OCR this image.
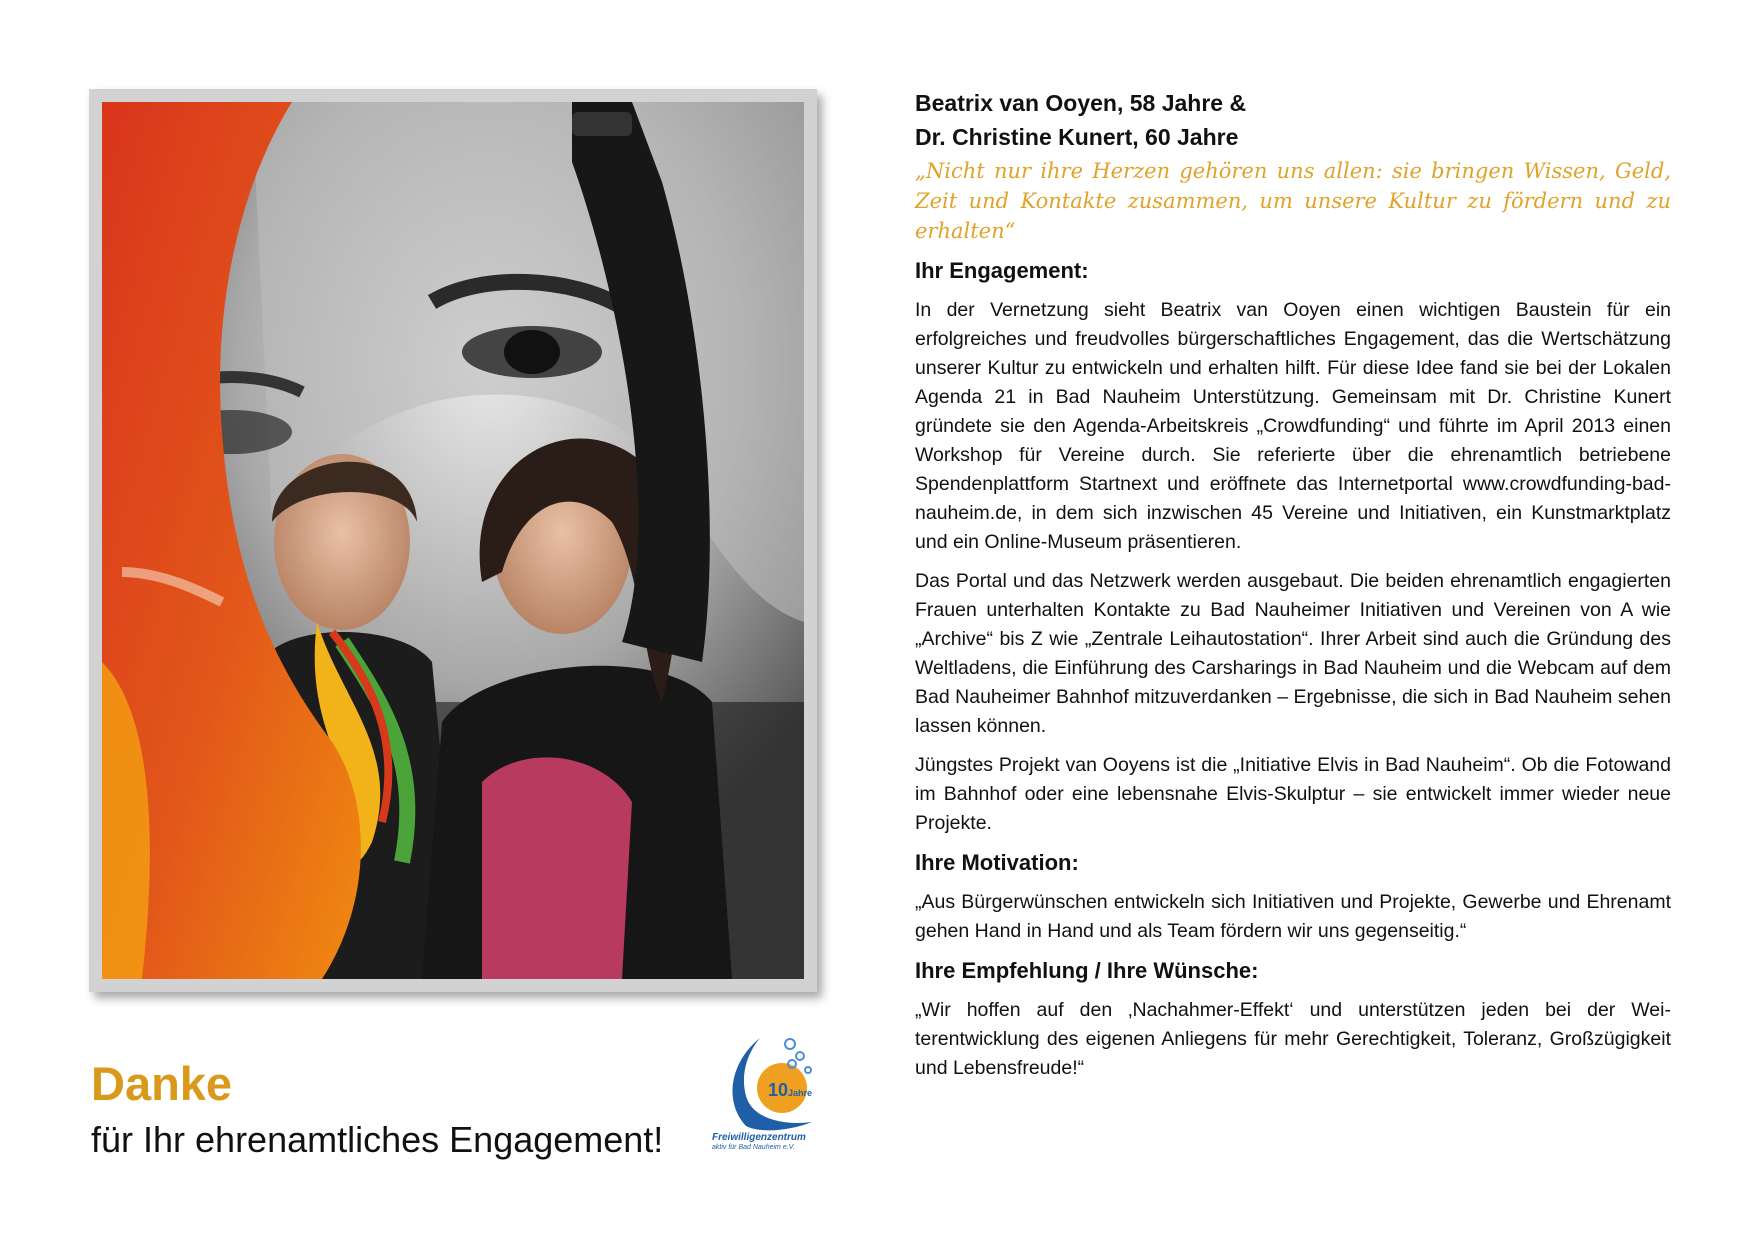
Danke
für Ihr ehrenamtliches Engagement!
10 Jahre
Freiwilligenzentrum
aktiv für Bad Nauheim e.V.

Beatrix van Ooyen, 58 Jahre &

Dr. Christine Kunert, 60 Jahre

„Nicht nur ihre Herzen gehören uns allen: sie bringen Wissen, Geld, Zeit und Kontakte zusammen, um unsere Kultur zu fördern und zu erhalten“

Ihr Engagement:

In der Vernetzung sieht Beatrix van Ooyen einen wichtigen Baustein für ein erfolgreiches und freudvolles bürgerschaftliches Engagement, das die Wertschätzung unserer Kultur zu entwickeln und erhalten hilft. Für diese Idee fand sie bei der Lokalen Agenda 21 in Bad Nauheim Unterstützung. Gemeinsam mit Dr. Christine Kunert gründete sie den Agenda-Arbeitskreis „Crowdfunding“ und führte im April 2013 einen Workshop für Vereine durch. Sie referierte über die ehrenamtlich betriebene Spendenplattform Startnext und eröffnete das Internetportal www.crowdfunding-bad-nauheim.de, in dem sich inzwischen 45 Vereine und Initiativen, ein Kunstmarktplatz und ein Online-Museum präsentieren.

Das Portal und das Netzwerk werden ausgebaut. Die beiden ehrenamtlich engagierten Frauen unterhalten Kontakte zu Bad Nauheimer Initiativen und Vereinen von A wie „Archive“ bis Z wie „Zentrale Leihautostation“. Ihrer Arbeit sind auch die Gründung des Weltladens, die Einführung des Carsharings in Bad Nauheim und die Webcam auf dem Bad Nauheimer Bahnhof mitzuverdanken – Ergebnisse, die sich in Bad Nauheim sehen lassen können.

Jüngstes Projekt van Ooyens ist die „Initiative Elvis in Bad Nauheim“. Ob die Fotowand im Bahnhof oder eine lebensnahe Elvis-Skulptur – sie entwickelt immer wieder neue Projekte.

Ihre Motivation:

„Aus Bürgerwünschen entwickeln sich Initiativen und Projekte, Gewerbe und Ehrenamt gehen Hand in Hand und als Team fördern wir uns gegenseitig.“

Ihre Empfehlung / Ihre Wünsche:

„Wir hoffen auf den ‚Nachahmer-Effekt‘ und unterstützen jeden bei der Weiterentwicklung des eigenen Anliegens für mehr Gerechtigkeit, Toleranz, Großzügigkeit und Lebensfreude!“
